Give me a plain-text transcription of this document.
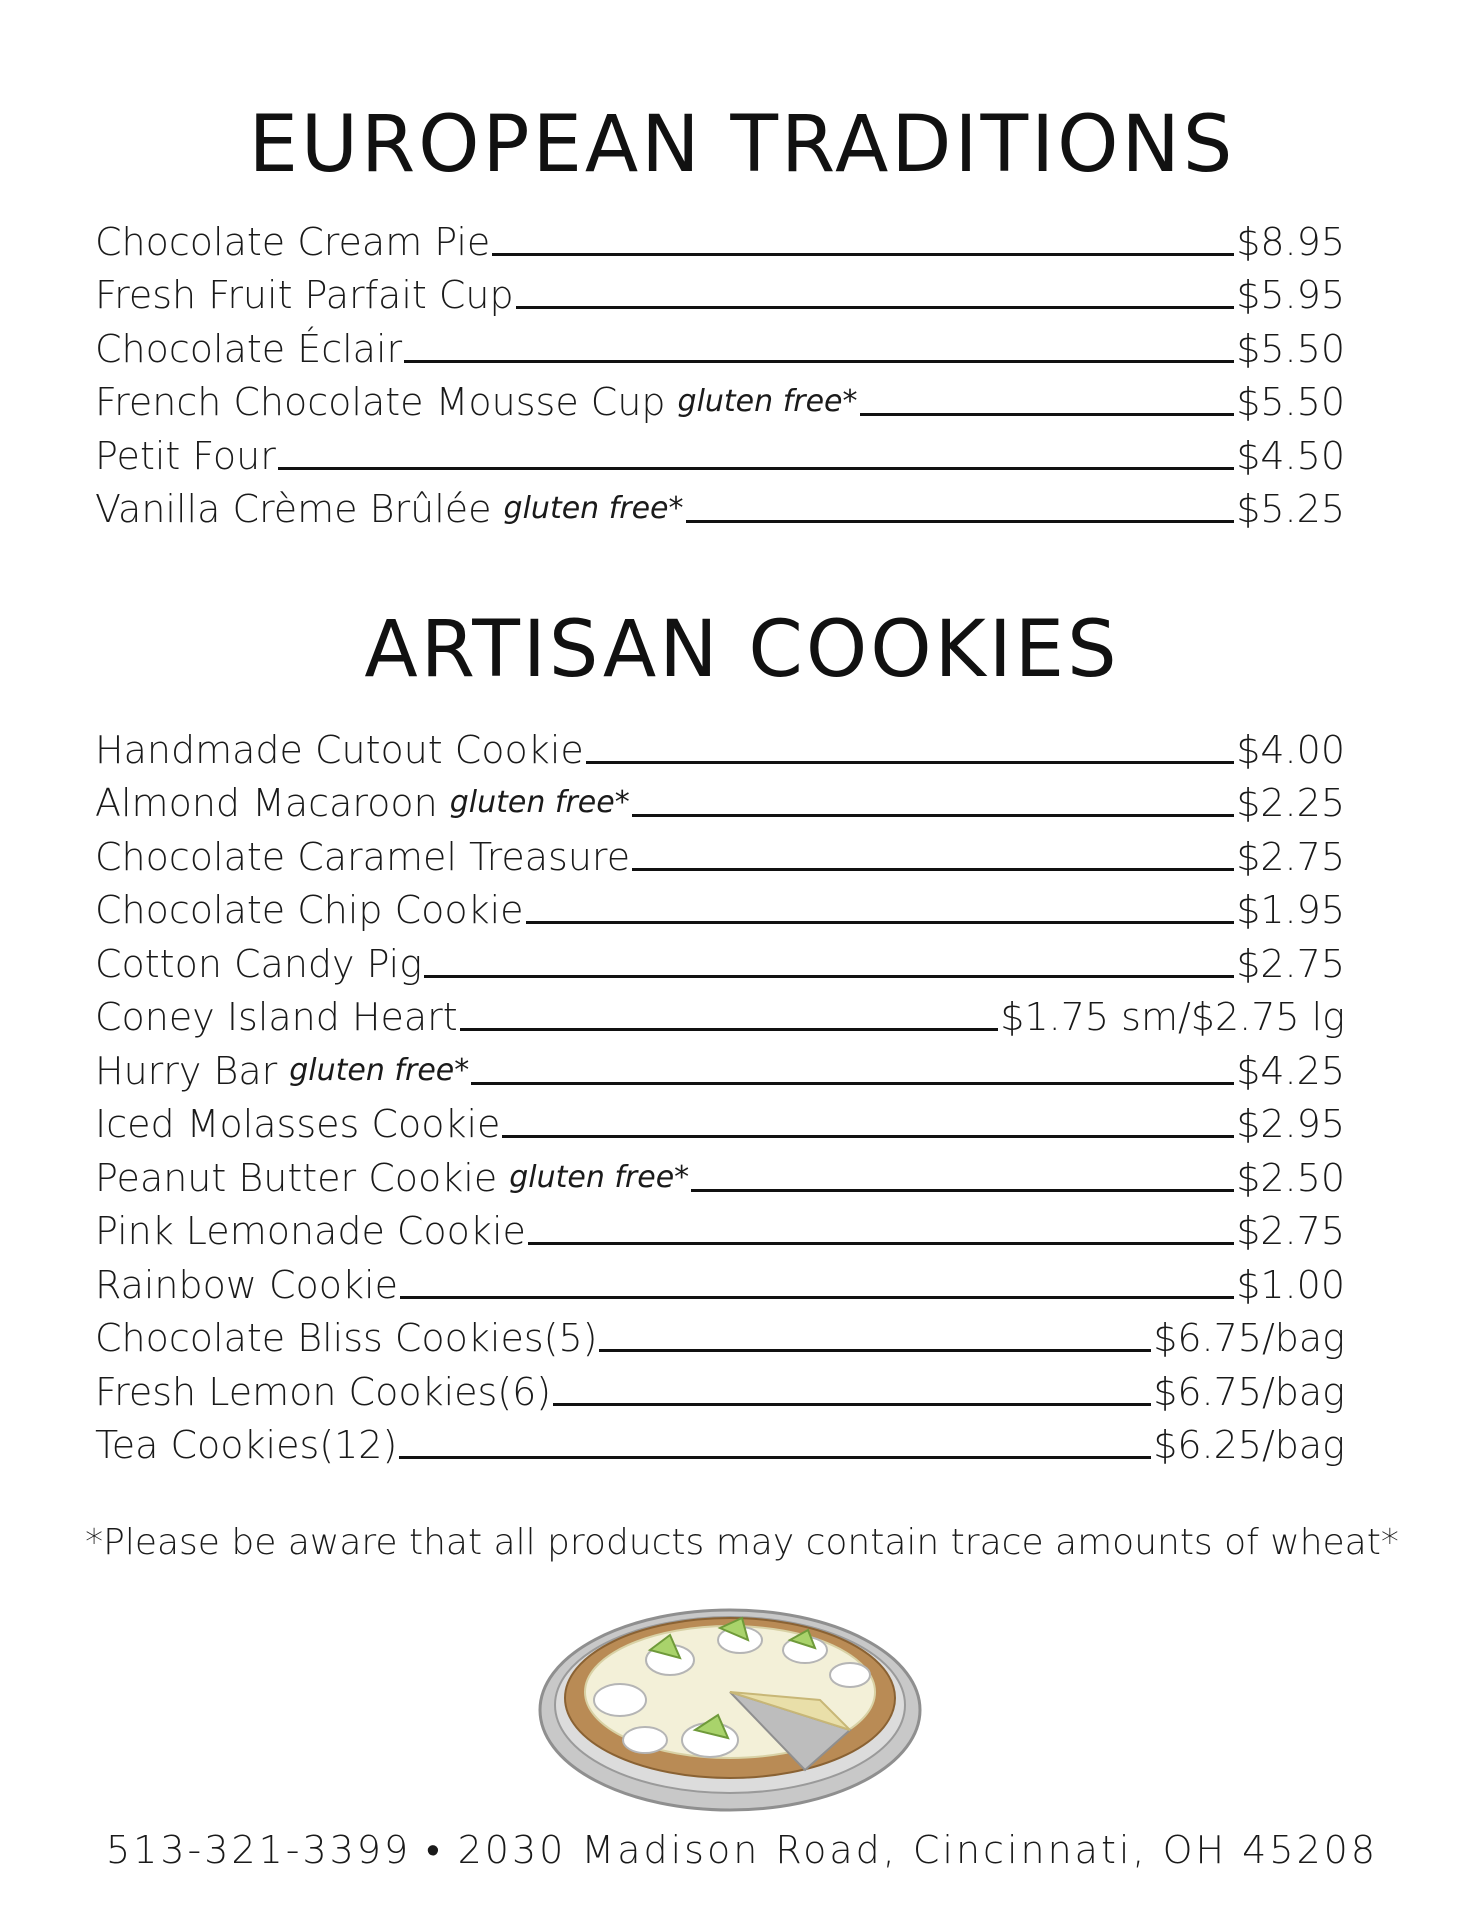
EUROPEAN TRADITIONS
Chocolate Cream Pie	$8.95
Fresh Fruit Parfait Cup	$5.95
Chocolate Éclair	$5.50
French Chocolate Mousse Cup gluten free*	$5.50
Petit Four	$4.50
Vanilla Crème Brûlée gluten free*	$5.25
ARTISAN COOKIES
Handmade Cutout Cookie	$4.00
Almond Macaroon gluten free*	$2.25
Chocolate Caramel Treasure	$2.75
Chocolate Chip Cookie	$1.95
Cotton Candy Pig	$2.75
Coney Island Heart	$1.75 sm/$2.75 lg
Hurry Bar gluten free*	$4.25
Iced Molasses Cookie	$2.95
Peanut Butter Cookie gluten free*	$2.50
Pink Lemonade Cookie	$2.75
Rainbow Cookie	$1.00
Chocolate Bliss Cookies(5)	$6.75/bag
Fresh Lemon Cookies(6)	$6.75/bag
Tea Cookies(12)	$6.25/bag
*Please be aware that all products may contain trace amounts of wheat*
513-321-3399 • 2030 Madison Road, Cincinnati, OH 45208
